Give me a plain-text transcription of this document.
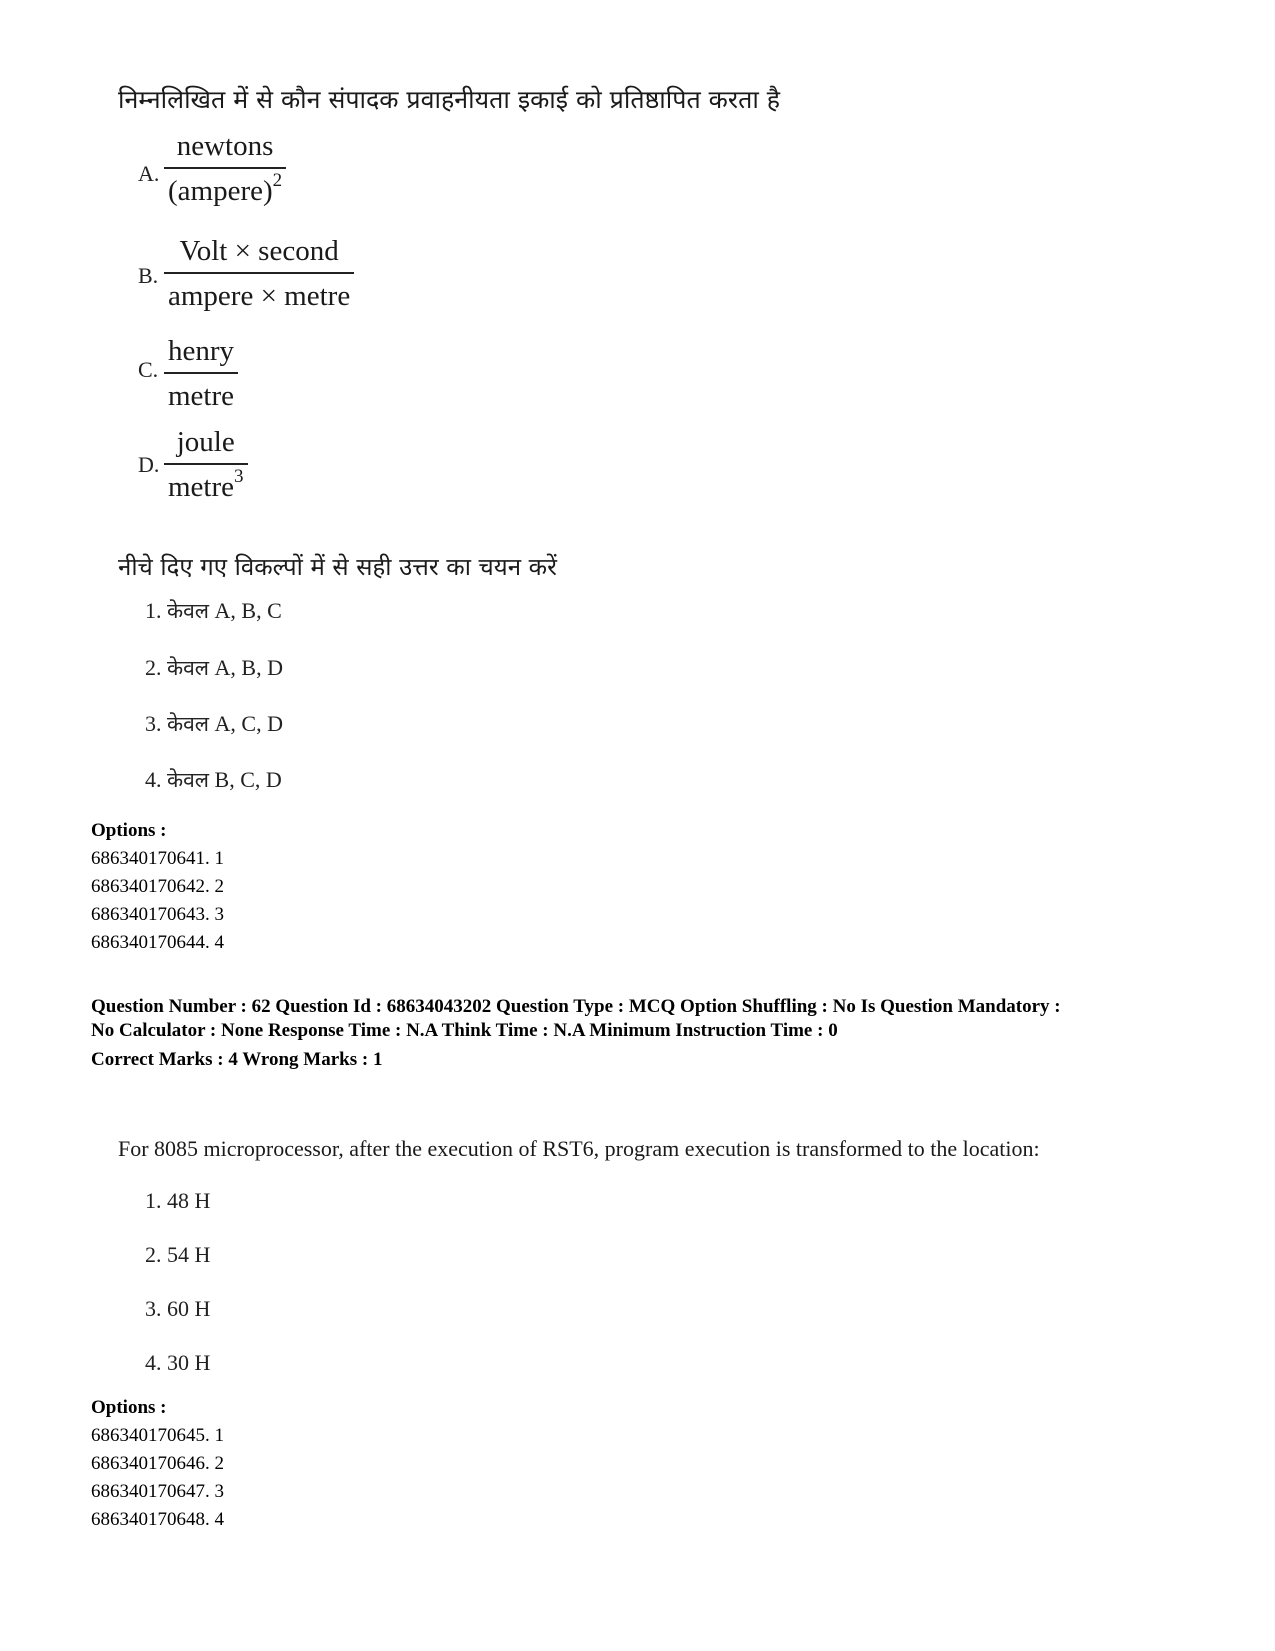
निम्नलिखित में से कौन संपादक प्रवाहनीयता इकाई को प्रतिष्ठापित करता है
A.
newtons
(ampere)$^2$
B.
Volt × second
ampere × metre
C.
henry
metre
D.
joule
metre$^3$
नीचे दिए गए विकल्पों में से सही उत्तर का चयन करें
1. केवल A, B, C
2. केवल A, B, D
3. केवल A, C, D
4. केवल B, C, D
Options :
686340170641. 1
686340170642. 2
686340170643. 3
686340170644. 4
Question Number : 62 Question Id : 68634043202 Question Type : MCQ Option Shuffling : No Is Question Mandatory :
No Calculator : None Response Time : N.A Think Time : N.A Minimum Instruction Time : 0
Correct Marks : 4 Wrong Marks : 1
For 8085 microprocessor, after the execution of RST6, program execution is transformed to the location:
1. 48 H
2. 54 H
3. 60 H
4. 30 H
Options :
686340170645. 1
686340170646. 2
686340170647. 3
686340170648. 4
